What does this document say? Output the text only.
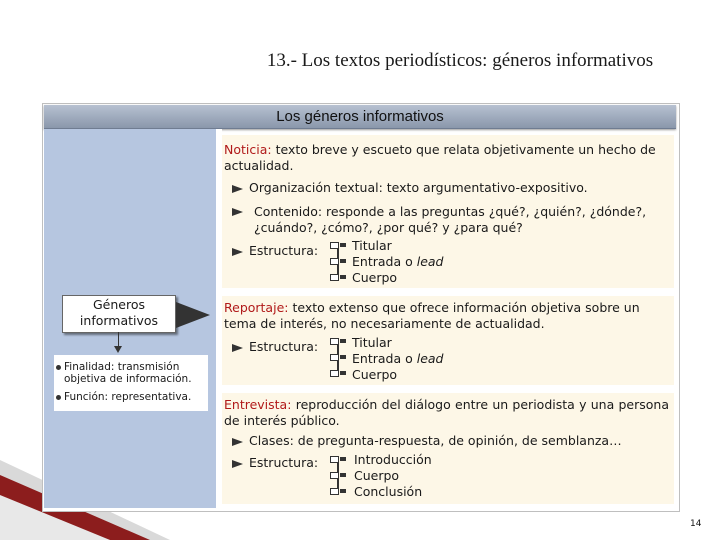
13.- Los textos periodísticos: géneros informativos
Los géneros informativos
Géneros informativos
Finalidad: transmisión objetiva de información.
Función: representativa.
Noticia: texto breve y escueto que relata objetivamente un hecho de actualidad.
Organización textual: texto argumentativo-expositivo.
Contenido: responde a las preguntas ¿qué?, ¿quién?, ¿dónde?, ¿cuándo?, ¿cómo?, ¿por qué? y ¿para qué?
Estructura:	Titular
Entrada o lead
Cuerpo
Reportaje: texto extenso que ofrece información objetiva sobre un tema de interés, no necesariamente de actualidad.
Estructura:	Titular
Entrada o lead
Cuerpo
Entrevista: reproducción del diálogo entre un periodista y una persona de interés público.
Clases: de pregunta-respuesta, de opinión, de semblanza…
Estructura:	Introducción
Cuerpo
Conclusión
14
